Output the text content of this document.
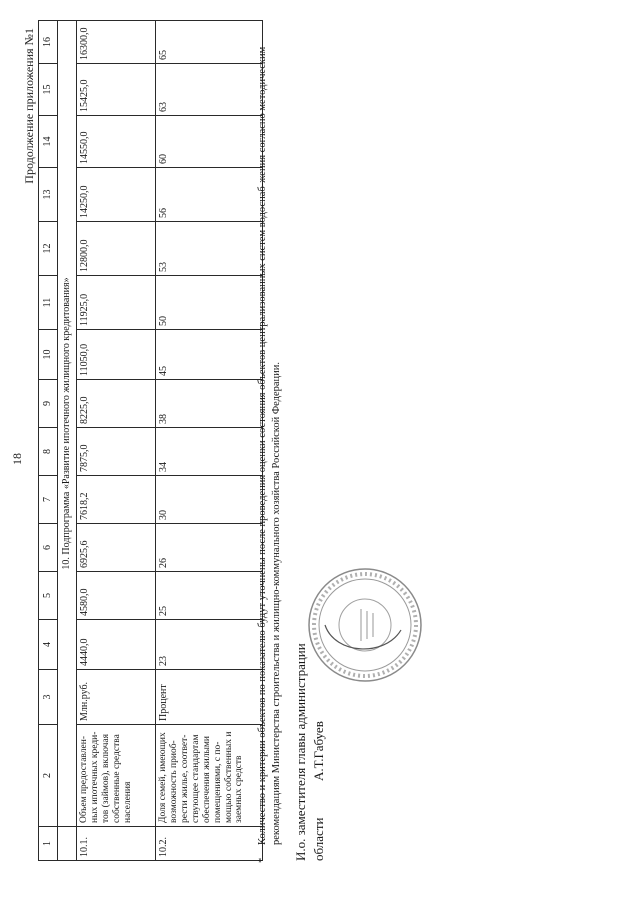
18
Продолжение приложения №1
1	2	3	4	5	6	7	8	9	10	11	12	13	14	15	16
	10. Подпрограмма «Развитие ипотечного жилищного кредитования»														
10.1.	Объем предоставлен-ных ипотечных креди-тов (займов), включая собственные средства населения	Млн.руб.	4440,0	4580,0	6925,6	7618,2	7875,0	8225,0	11050,0	11925,0	12800,0	14250,0	14550,0	15425,0	16300,0
10.2.	Доля семей, имеющих возможность приоб-рести жилье, соответ-ствующее стандартам обеспечения жилыми помещениями, с по-мощью собственных и заемных средств	Процент	23	25	26	30	34	38	45	50	53	56	60	63	65
*
Количество и критерии объектов по показателю будут уточнены после проведения оценки состояния объектов централизованных систем водоснаб-жения согласно методическим рекомендациям Министерства строительства и жилищно-коммунального хозяйства Российской Федерации. И.о. заместителя главы администрации области
А.Т.Габуев
